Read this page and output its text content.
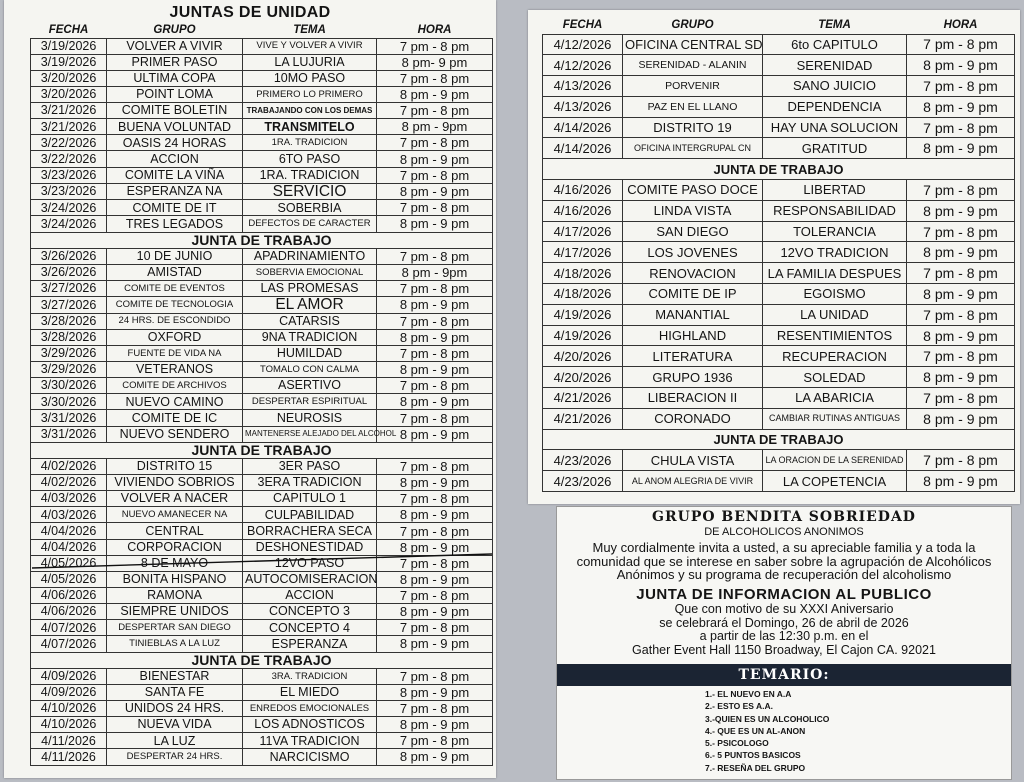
JUNTAS DE UNIDAD
FECHA	GRUPO	TEMA	HORA
3/19/2026	VOLVER A VIVIR	VIVE Y VOLVER A VIVIR	7 pm - 8 pm
3/19/2026	PRIMER PASO	LA LUJURIA	8 pm- 9 pm
3/20/2026	ULTIMA COPA	10MO PASO	7 pm - 8 pm
3/20/2026	POINT LOMA	PRIMERO LO PRIMERO	8 pm - 9 pm
3/21/2026	COMITE BOLETIN	TRABAJANDO CON LOS DEMAS	7 pm - 8 pm
3/21/2026	BUENA VOLUNTAD	TRANSMITELO	8 pm - 9pm
3/22/2026	OASIS 24 HORAS	1RA. TRADICION	7 pm - 8 pm
3/22/2026	ACCION	6TO PASO	8 pm - 9 pm
3/23/2026	COMITE LA VIÑA	1RA. TRADICION	7 pm - 8 pm
3/23/2026	ESPERANZA NA	SERVICIO	8 pm - 9 pm
3/24/2026	COMITE DE IT	SOBERBIA	7 pm - 8 pm
3/24/2026	TRES LEGADOS	DEFECTOS DE CARACTER	8 pm - 9 pm
JUNTA DE TRABAJO			
3/26/2026	10 DE JUNIO	APADRINAMIENTO	7 pm - 8 pm
3/26/2026	AMISTAD	SOBERVIA EMOCIONAL	8 pm - 9pm
3/27/2026	COMITE DE EVENTOS	LAS PROMESAS	7 pm - 8 pm
3/27/2026	COMITE DE TECNOLOGIA	EL AMOR	8 pm - 9 pm
3/28/2026	24 HRS. DE ESCONDIDO	CATARSIS	7 pm - 8 pm
3/28/2026	OXFORD	9NA TRADICION	8 pm - 9 pm
3/29/2026	FUENTE DE VIDA NA	HUMILDAD	7 pm - 8 pm
3/29/2026	VETERANOS	TOMALO CON CALMA	8 pm - 9 pm
3/30/2026	COMITE DE ARCHIVOS	ASERTIVO	7 pm - 8 pm
3/30/2026	NUEVO CAMINO	DESPERTAR ESPIRITUAL	8 pm - 9 pm
3/31/2026	COMITE DE IC	NEUROSIS	7 pm - 8 pm
3/31/2026	NUEVO SENDERO	MANTENERSE ALEJADO DEL ALCOHOL	8 pm - 9 pm
JUNTA DE TRABAJO			
4/02/2026	DISTRITO 15	3ER PASO	7 pm - 8 pm
4/02/2026	VIVIENDO SOBRIOS	3ERA TRADICION	8 pm - 9 pm
4/03/2026	VOLVER A NACER	CAPITULO 1	7 pm - 8 pm
4/03/2026	NUEVO AMANECER NA	CULPABILIDAD	8 pm - 9 pm
4/04/2026	CENTRAL	BORRACHERA SECA	7 pm - 8 pm
4/04/2026	CORPORACION	DESHONESTIDAD	8 pm - 9 pm
4/05/2026	8 DE MAYO	12VO PASO	7 pm - 8 pm
4/05/2026	BONITA HISPANO	AUTOCOMISERACION	8 pm - 9 pm
4/06/2026	RAMONA	ACCION	7 pm - 8 pm
4/06/2026	SIEMPRE UNIDOS	CONCEPTO 3	8 pm - 9 pm
4/07/2026	DESPERTAR SAN DIEGO	CONCEPTO 4	7 pm - 8 pm
4/07/2026	TINIEBLAS A LA LUZ	ESPERANZA	8 pm - 9 pm
JUNTA DE TRABAJO			
4/09/2026	BIENESTAR	3RA. TRADICION	7 pm - 8 pm
4/09/2026	SANTA FE	EL MIEDO	8 pm - 9 pm
4/10/2026	UNIDOS 24 HRS.	ENREDOS EMOCIONALES	7 pm - 8 pm
4/10/2026	NUEVA VIDA	LOS ADNOSTICOS	8 pm - 9 pm
4/11/2026	LA LUZ	11VA TRADICION	7 pm - 8 pm
4/11/2026	DESPERTAR 24 HRS.	NARCICISMO	8 pm - 9 pm
FECHA	GRUPO	TEMA	HORA
4/12/2026	OFICINA CENTRAL SD	6to CAPITULO	7 pm - 8 pm
4/12/2026	SERENIDAD - ALANIN	SERENIDAD	8 pm - 9 pm
4/13/2026	PORVENIR	SANO JUICIO	7 pm - 8 pm
4/13/2026	PAZ EN EL LLANO	DEPENDENCIA	8 pm - 9 pm
4/14/2026	DISTRITO 19	HAY UNA SOLUCION	7 pm - 8 pm
4/14/2026	OFICINA INTERGRUPAL CN	GRATITUD	8 pm - 9 pm
JUNTA DE TRABAJO			
4/16/2026	COMITE PASO DOCE	LIBERTAD	7 pm - 8 pm
4/16/2026	LINDA VISTA	RESPONSABILIDAD	8 pm - 9 pm
4/17/2026	SAN DIEGO	TOLERANCIA	7 pm - 8 pm
4/17/2026	LOS JOVENES	12VO TRADICION	8 pm - 9 pm
4/18/2026	RENOVACION	LA FAMILIA DESPUES	7 pm - 8 pm
4/18/2026	COMITE DE IP	EGOISMO	8 pm - 9 pm
4/19/2026	MANANTIAL	LA UNIDAD	7 pm - 8 pm
4/19/2026	HIGHLAND	RESENTIMIENTOS	8 pm - 9 pm
4/20/2026	LITERATURA	RECUPERACION	7 pm - 8 pm
4/20/2026	GRUPO 1936	SOLEDAD	8 pm - 9 pm
4/21/2026	LIBERACION II	LA ABARICIA	7 pm - 8 pm
4/21/2026	CORONADO	CAMBIAR RUTINAS ANTIGUAS	8 pm - 9 pm
JUNTA DE TRABAJO			
4/23/2026	CHULA VISTA	LA ORACION DE LA SERENIDAD	7 pm - 8 pm
4/23/2026	AL ANOM ALEGRIA DE VIVIR	LA COPETENCIA	8 pm - 9 pm
GRUPO BENDITA SOBRIEDAD
DE ALCOHOLICOS ANONIMOS
Muy cordialmente invita a usted, a su apreciable familia y a toda la comunidad que se interese en saber sobre la agrupación de Alcohólicos Anónimos y su programa de recuperación del alcoholismo
JUNTA DE INFORMACION AL PUBLICO
Que con motivo de su XXXI Aniversario
se celebrará el Domingo, 26 de abril de 2026
a partir de las 12:30 p.m. en el
Gather Event Hall 1150 Broadway, El Cajon CA. 92021
TEMARIO:
1.- EL NUEVO EN A.A
2.- ESTO ES A.A.
3.-QUIEN ES UN ALCOHOLICO
4.- QUE ES UN AL-ANON
5.- PSICOLOGO
6.- 5 PUNTOS BASICOS
7.- RESEÑA DEL GRUPO
